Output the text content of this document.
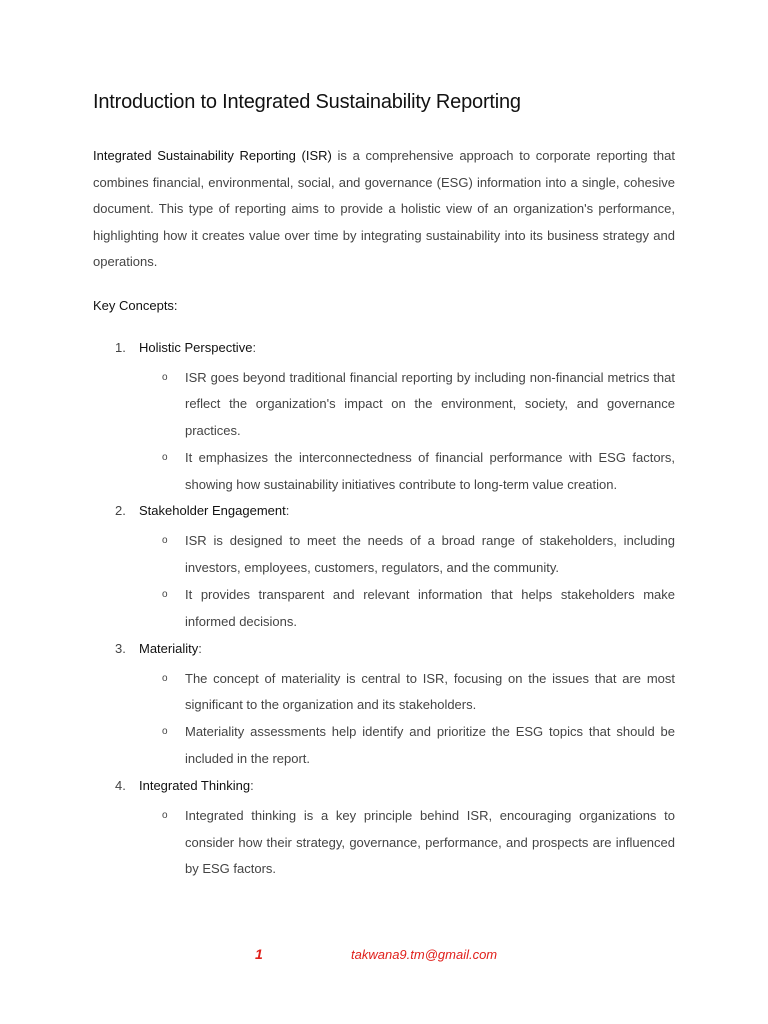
Introduction to Integrated Sustainability Reporting

Integrated Sustainability Reporting (ISR) is a comprehensive approach to corporate reporting that combines financial, environmental, social, and governance (ESG) information into a single, cohesive document. This type of reporting aims to provide a holistic view of an organization's performance, highlighting how it creates value over time by integrating sustainability into its business strategy and operations.

Key Concepts:
1. Holistic Perspective:
o ISR goes beyond traditional financial reporting by including non-financial metrics that reflect the organization's impact on the environment, society, and governance practices.
o It emphasizes the interconnectedness of financial performance with ESG factors, showing how sustainability initiatives contribute to long-term value creation.
2. Stakeholder Engagement:
o ISR is designed to meet the needs of a broad range of stakeholders, including investors, employees, customers, regulators, and the community.
o It provides transparent and relevant information that helps stakeholders make informed decisions.
3. Materiality:
o The concept of materiality is central to ISR, focusing on the issues that are most significant to the organization and its stakeholders.
o Materiality assessments help identify and prioritize the ESG topics that should be included in the report.
4. Integrated Thinking:
o Integrated thinking is a key principle behind ISR, encouraging organizations to consider how their strategy, governance, performance, and prospects are influenced by ESG factors.
1	takwana9.tm@gmail.com
